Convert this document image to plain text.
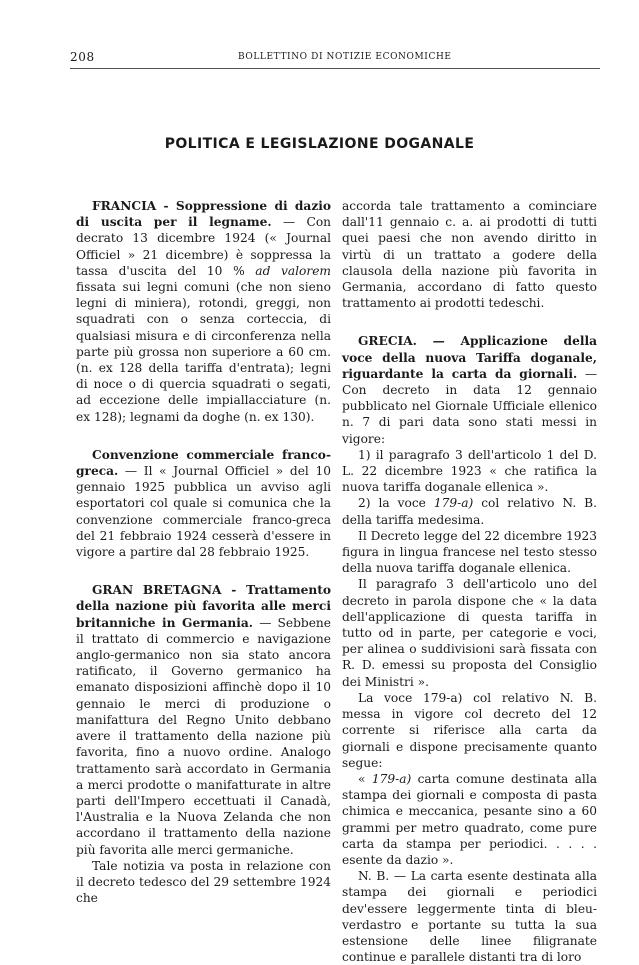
208	BOLLETTINO DI NOTIZIE ECONOMICHE
POLITICA E LEGISLAZIONE DOGANALE

FRANCIA - Soppressione di dazio di uscita per il legname. — Con decrato 13 dicembre 1924 (« Journal Officiel » 21 dicembre) è soppressa la tassa d'uscita del 10 % ad valorem fissata sui legni comuni (che non sieno legni di miniera), rotondi, greggi, non squadrati con o senza corteccia, di qualsiasi misura e di circonferenza nella parte più grossa non superiore a 60 cm. (n. ex 128 della tariffa d'entrata); legni di noce o di quercia squadrati o segati, ad eccezione delle impiallacciature (n. ex 128); legnami da doghe (n. ex 130).

Convenzione commerciale franco-greca. — Il « Journal Officiel » del 10 gennaio 1925 pubblica un avviso agli esportatori col quale si comunica che la convenzione commerciale franco-greca del 21 febbraio 1924 cesserà d'essere in vigore a partire dal 28 febbraio 1925.

GRAN BRETAGNA - Trattamento della nazione più favorita alle merci britanniche in Germania. — Sebbene il trattato di commercio e navigazione anglo-germanico non sia stato ancora ratificato, il Governo germanico ha emanato disposizioni affinchè dopo il 10 gennaio le merci di produzione o manifattura del Regno Unito debbano avere il trattamento della nazione più favorita, fino a nuovo ordine. Analogo trattamento sarà accordato in Germania a merci prodotte o manifatturate in altre parti dell'Impero eccettuati il Canadà, l'Australia e la Nuova Zelanda che non accordano il trattamento della nazione più favorita alle merci germaniche.

Tale notizia va posta in relazione con il decreto tedesco del 29 settembre 1924 che

accorda tale trattamento a cominciare dall'11 gennaio c. a. ai prodotti di tutti quei paesi che non avendo diritto in virtù di un trattato a godere della clausola della nazione più favorita in Germania, accordano di fatto questo trattamento ai prodotti tedeschi.

GRECIA. — Applicazione della voce della nuova Tariffa doganale, riguardante la carta da giornali. — Con decreto in data 12 gennaio pubblicato nel Giornale Ufficiale ellenico n. 7 di pari data sono stati messi in vigore:

1) il paragrafo 3 dell'articolo 1 del D. L. 22 dicembre 1923 « che ratifica la nuova tariffa doganale ellenica ».

2) la voce 179-a) col relativo N. B. della tariffa medesima.

Il Decreto legge del 22 dicembre 1923 figura in lingua francese nel testo stesso della nuova tariffa doganale ellenica.

Il paragrafo 3 dell'articolo uno del decreto in parola dispone che « la data dell'applicazione di questa tariffa in tutto od in parte, per categorie e voci, per alinea o suddivisioni sarà fissata con R. D. emessi su proposta del Consiglio dei Ministri ».

La voce 179-a) col relativo N. B. messa in vigore col decreto del 12 corrente si riferisce alla carta da giornali e dispone precisamente quanto segue:

« 179-a) carta comune destinata alla stampa dei giornali e composta di pasta chimica e meccanica, pesante sino a 60 grammi per metro quadrato, come pure carta da stampa per periodici. . . . . esente da dazio ».

N. B. — La carta esente destinata alla stampa dei giornali e periodici dev'essere leggermente tinta di bleu-verdastro e portante su tutta la sua estensione delle linee filigranate continue e parallele distanti tra di loro
